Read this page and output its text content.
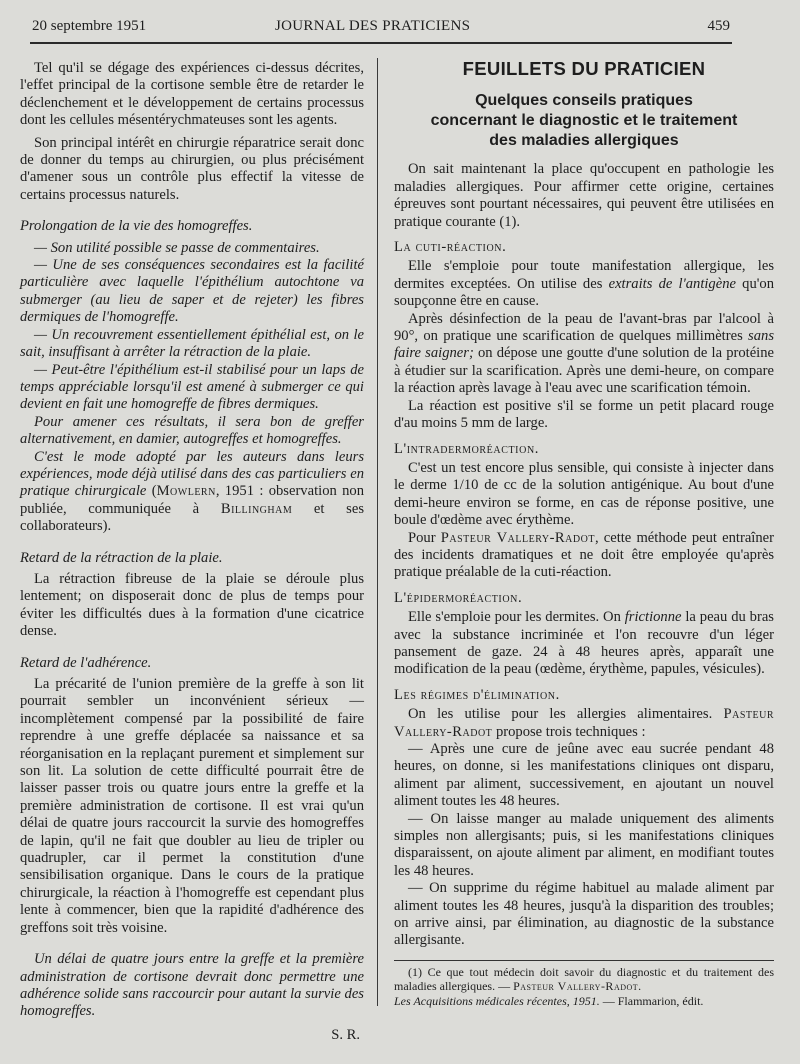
20 septembre 1951	JOURNAL DES PRATICIENS	459

Tel qu'il se dégage des expériences ci-dessus décrites, l'effet principal de la cortisone semble être de retarder le déclenchement et le développement de certains processus dont les cellules mésentérychmateuses sont les agents.

Son principal intérêt en chirurgie réparatrice serait donc de donner du temps au chirurgien, ou plus précisément d'amener sous un contrôle plus effectif la vitesse de certains processus naturels.

Prolongation de la vie des homogreffes.

— Son utilité possible se passe de commentaires.

— Une de ses conséquences secondaires est la facilité particulière avec laquelle l'épithélium autochtone va submerger (au lieu de saper et de rejeter) les fibres dermiques de l'homogreffe.

— Un recouvrement essentiellement épithélial est, on le sait, insuffisant à arrêter la rétraction de la plaie.

— Peut-être l'épithélium est-il stabilisé pour un laps de temps appréciable lorsqu'il est amené à submerger ce qui devient en fait une homogreffe de fibres dermiques.

Pour amener ces résultats, il sera bon de greffer alternativement, en damier, autogreffes et homogreffes.

C'est le mode adopté par les auteurs dans leurs expériences, mode déjà utilisé dans des cas particuliers en pratique chirurgicale (Mowlern, 1951 : observation non publiée, communiquée à Billingham et ses collaborateurs).

Retard de la rétraction de la plaie.

La rétraction fibreuse de la plaie se déroule plus lentement; on disposerait donc de plus de temps pour éviter les difficultés dues à la formation d'une cicatrice dense.

Retard de l'adhérence.

La précarité de l'union première de la greffe à son lit pourrait sembler un inconvénient sérieux — incomplètement compensé par la possibilité de faire reprendre à une greffe déplacée sa naissance et sa réorganisation en la replaçant purement et simplement sur son lit. La solution de cette difficulté pourrait être de laisser passer trois ou quatre jours entre la greffe et la première administration de cortisone. Il est vrai qu'un délai de quatre jours raccourcit la survie des homogreffes de lapin, qu'il ne fait que doubler au lieu de tripler ou quadrupler, car il permet la constitution d'une sensibilisation organique. Dans le cours de la pratique chirurgicale, la réaction à l'homogreffe est cependant plus lente à commencer, bien que la rapidité d'adhérence des greffons soit très voisine.

Un délai de quatre jours entre la greffe et la première administration de cortisone devrait donc permettre une adhérence solide sans raccourcir pour autant la survie des homogreffes.

S. R.

FEUILLETS DU PRATICIEN
Quelques conseils pratiques
concernant le diagnostic et le traitement
des maladies allergiques

On sait maintenant la place qu'occupent en pathologie les maladies allergiques. Pour affirmer cette origine, certaines épreuves sont pourtant nécessaires, qui peuvent être utilisées en pratique courante (1).

La cuti-réaction.

Elle s'emploie pour toute manifestation allergique, les dermites exceptées. On utilise des extraits de l'antigène qu'on soupçonne être en cause.

Après désinfection de la peau de l'avant-bras par l'alcool à 90°, on pratique une scarification de quelques millimètres sans faire saigner; on dépose une goutte d'une solution de la protéine à étudier sur la scarification. Après une demi-heure, on compare la réaction après lavage à l'eau avec une scarification témoin.

La réaction est positive s'il se forme un petit placard rouge d'au moins 5 mm de large.

L'intradermoréaction.

C'est un test encore plus sensible, qui consiste à injecter dans le derme 1/10 de cc de la solution antigénique. Au bout d'une demi-heure environ se forme, en cas de réponse positive, une boule d'œdème avec érythème.

Pour Pasteur Vallery-Radot, cette méthode peut entraîner des incidents dramatiques et ne doit être employée qu'après pratique préalable de la cuti-réaction.

L'épidermoréaction.

Elle s'emploie pour les dermites. On frictionne la peau du bras avec la substance incriminée et l'on recouvre d'un léger pansement de gaze. 24 à 48 heures après, apparaît une modification de la peau (œdème, érythème, papules, vésicules).

Les régimes d'élimination.

On les utilise pour les allergies alimentaires. Pasteur Vallery-Radot propose trois techniques :

— Après une cure de jeûne avec eau sucrée pendant 48 heures, on donne, si les manifestations cliniques ont disparu, aliment par aliment, successivement, en ajoutant un nouvel aliment toutes les 48 heures.

— On laisse manger au malade uniquement des aliments simples non allergisants; puis, si les manifestations cliniques disparaissent, on ajoute aliment par aliment, en modifiant toutes les 48 heures.

— On supprime du régime habituel au malade aliment par aliment toutes les 48 heures, jusqu'à la disparition des troubles; on arrive ainsi, par élimination, au diagnostic de la substance allergisante.

(1) Ce que tout médecin doit savoir du diagnostic et du traitement des maladies allergiques. — Pasteur Vallery-Radot.
Les Acquisitions médicales récentes, 1951. — Flammarion, édit.
